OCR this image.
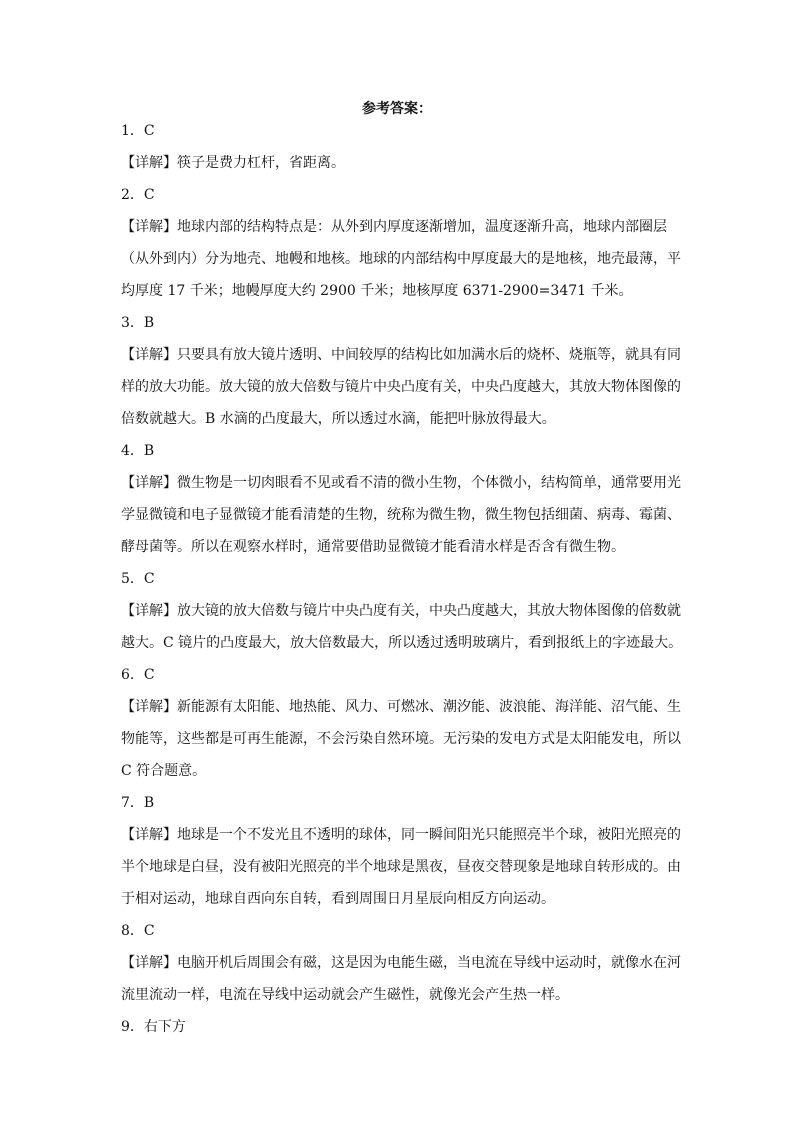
参考答案：
1．C
【详解】筷子是费力杠杆，省距离。
2．C
【详解】地球内部的结构特点是：从外到内厚度逐渐增加，温度逐渐升高，地球内部圈层
（从外到内）分为地壳、地幔和地核。地球的内部结构中厚度最大的是地核，地壳最薄，平
均厚度 17 千米；地幔厚度大约 2900 千米；地核厚度 6371-2900=3471 千米。
3．B
【详解】只要具有放大镜片透明、中间较厚的结构比如加满水后的烧杯、烧瓶等，就具有同
样的放大功能。放大镜的放大倍数与镜片中央凸度有关，中央凸度越大，其放大物体图像的
倍数就越大。B 水滴的凸度最大，所以透过水滴，能把叶脉放得最大。
4．B
【详解】微生物是一切肉眼看不见或看不清的微小生物，个体微小，结构简单，通常要用光
学显微镜和电子显微镜才能看清楚的生物，统称为微生物，微生物包括细菌、病毒、霉菌、
酵母菌等。所以在观察水样时，通常要借助显微镜才能看清水样是否含有微生物。
5．C
【详解】放大镜的放大倍数与镜片中央凸度有关，中央凸度越大，其放大物体图像的倍数就
越大。C 镜片的凸度最大，放大倍数最大，所以透过透明玻璃片，看到报纸上的字迹最大。
6．C
【详解】新能源有太阳能、地热能、风力、可燃冰、潮汐能、波浪能、海洋能、沼气能、生
物能等，这些都是可再生能源，不会污染自然环境。无污染的发电方式是太阳能发电，所以
C 符合题意。
7．B
【详解】地球是一个不发光且不透明的球体，同一瞬间阳光只能照亮半个球，被阳光照亮的
半个地球是白昼，没有被阳光照亮的半个地球是黑夜，昼夜交替现象是地球自转形成的。由
于相对运动，地球自西向东自转，看到周围日月星辰向相反方向运动。
8．C
【详解】电脑开机后周围会有磁，这是因为电能生磁，当电流在导线中运动时，就像水在河
流里流动一样，电流在导线中运动就会产生磁性，就像光会产生热一样。
9．右下方
